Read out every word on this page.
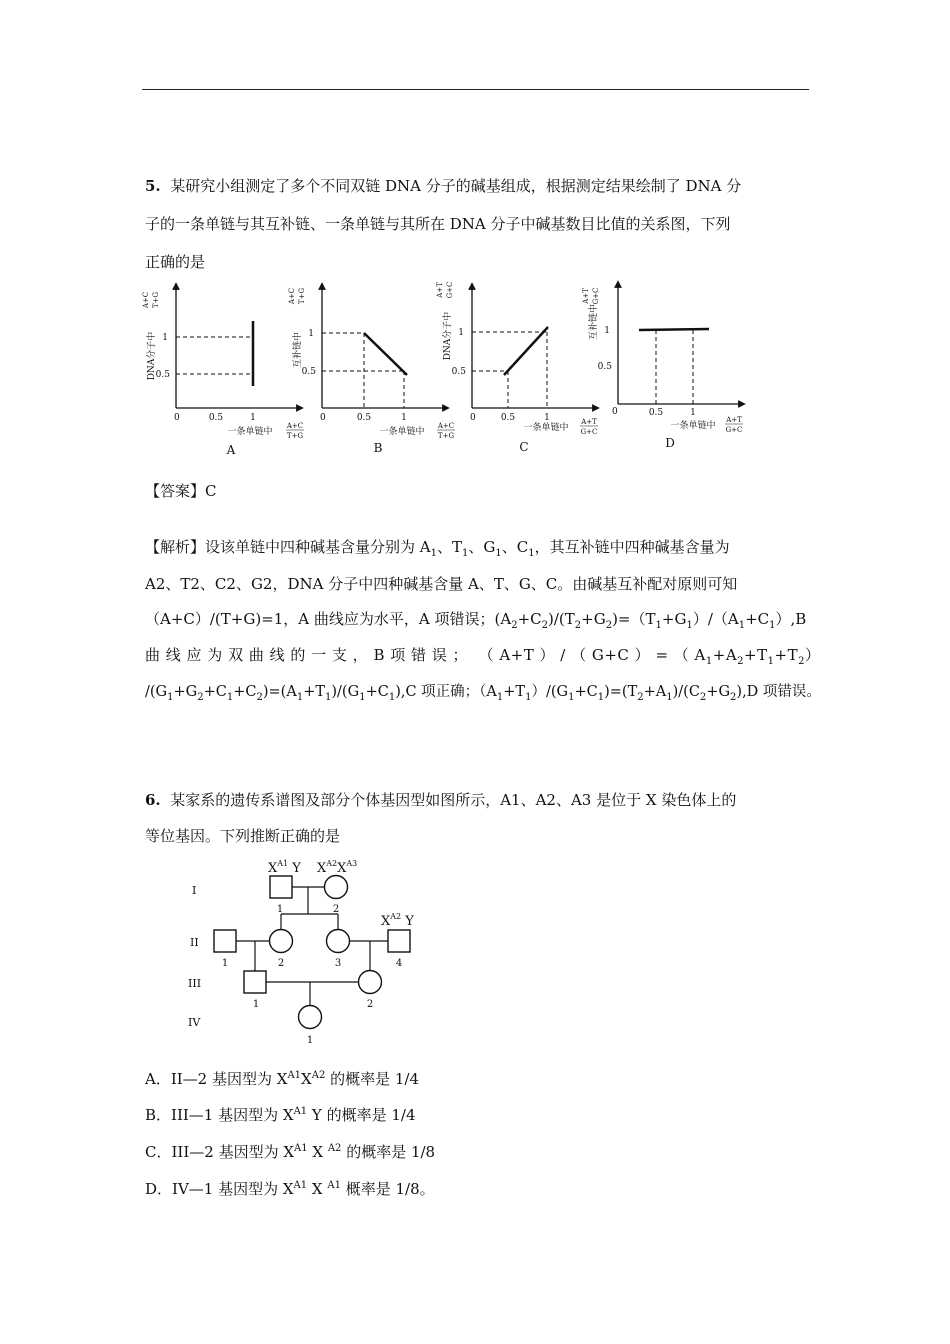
5. 某研究小组测定了多个不同双链 DNA 分子的碱基组成，根据测定结果绘制了 DNA 分
子的一条单链与其互补链、一条单链与其所在 DNA 分子中碱基数目比值的关系图，下列
正确的是
1
0.5
0	0.5	1
DNA分子中
A+C T+G
一条单链中
A+C
T+G
A
1
0.5
0	0.5	1
互补链中
A+C T+G
一条单链中
A+C
T+G
B
1
0.5
0	0.5	1
DNA分子中
A+T G+C
一条单链中
A+T
G+C
C
1
0.5
0	0.5	1
互补链中
A+T G+C
一条单链中
A+T
G+C
D
【答案】C
【解析】设该单链中四种碱基含量分别为 $A_1$、$T_1$、$G_1$、$C_1$，其互补链中四种碱基含量为
A2、T2、C2、G2，DNA 分子中四种碱基含量 A、T、G、C。由碱基互补配对原则可知
（A+C）/(T+G)=1，A 曲线应为水平，A 项错误；$(A_2+C_2)/(T_2+G_2)=(T_1+G_1)/(A_1+C_1),B$
曲 线 应 为 双 曲 线 的 一 支 ， B 项 错 误 ；  （ A+T ） / （ G+C ） = （ $A_1+A_2+T_1+T_2$）
$/(G_1+G_2+C_1+C_2)=(A_1+T_1)/(G_1+C_1),C$ 项正确；$(A_1+T_1)/(G_1+C_1)=(T_2+A_1)/(C_2+G_2),D$ 项错误。
6. 某家系的遗传系谱图及部分个体基因型如图所示，A1、A2、A3 是位于 X 染色体上的
等位基因。下列推断正确的是
I
II
III
IV
1	2
1	2	3	4
1	2
1
$X^{A1}$ Y $X^{A2}X^{A3}$
$X^{A2}$ Y
A．II—2 基因型为 $X^{A1}X^{A2}$ 的概率是 1/4
B．III—1 基因型为 $X^{A1}$ Y 的概率是 1/4
C．III—2 基因型为 $X^{A1}$ X $^{A2}$ 的概率是 1/8
D．IV—1 基因型为 $X^{A1}$ X $^{A1}$ 概率是 1/8。
